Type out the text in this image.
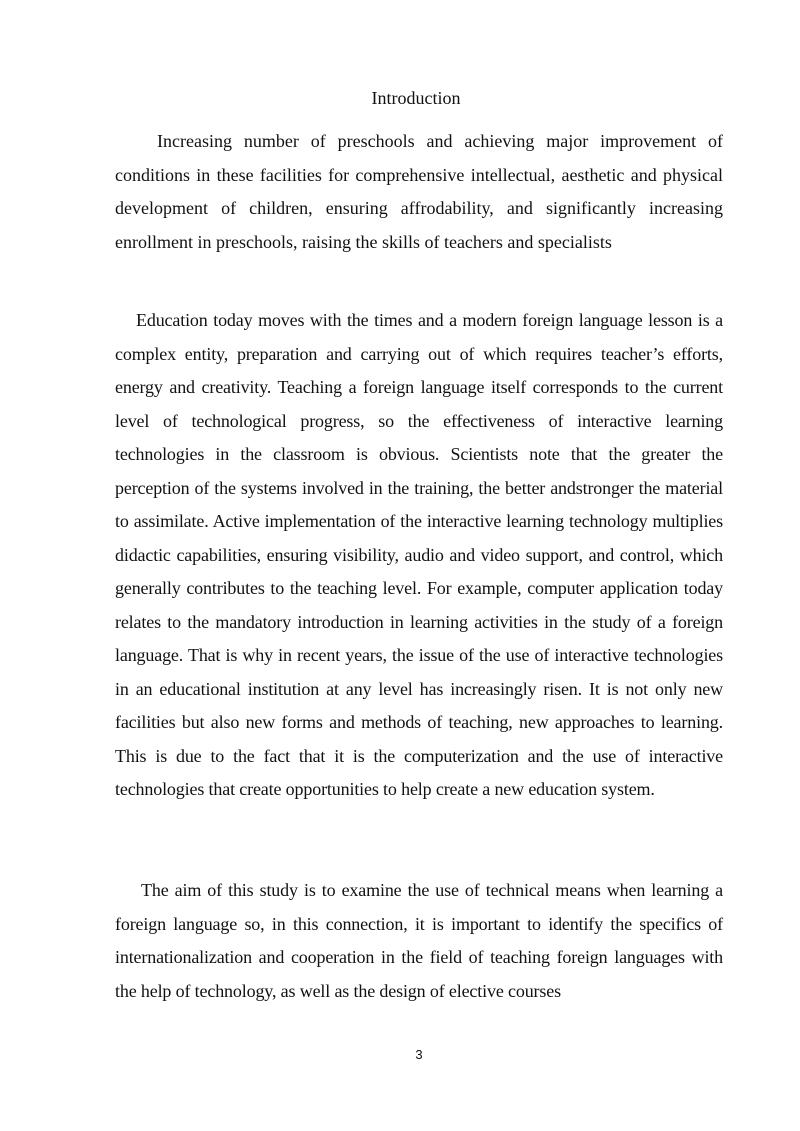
Introduction

Increasing number of preschools and achieving major improvement of conditions in these facilities for comprehensive intellectual, aesthetic and physical development of children, ensuring affrodability, and significantly increasing enrollment in preschools, raising the skills of teachers and specialists

Education today moves with the times and a modern foreign language lesson is a complex entity, preparation and carrying out of which requires teacher’s efforts, energy and creativity. Teaching a foreign language itself corresponds to the current level of technological progress, so the effectiveness of interactive learning technologies in the classroom is obvious. Scientists note that the greater the perception of the systems involved in the training, the better andstronger the material to assimilate. Active implementation of the interactive learning technology multiplies didactic capabilities, ensuring visibility, audio and video support, and control, which generally contributes to the teaching level. For example, computer application today relates to the mandatory introduction in learning activities in the study of a foreign language. That is why in recent years, the issue of the use of interactive technologies in an educational institution at any level has increasingly risen. It is not only new facilities but also new forms and methods of teaching, new approaches to learning. This is due to the fact that it is the computerization and the use of interactive technologies that create opportunities to help create a new education system.

The aim of this study is to examine the use of technical means when learning a foreign language so, in this connection, it is important to identify the specifics of internationalization and cooperation in the field of teaching foreign languages with the help of technology, as well as the design of elective courses

3
